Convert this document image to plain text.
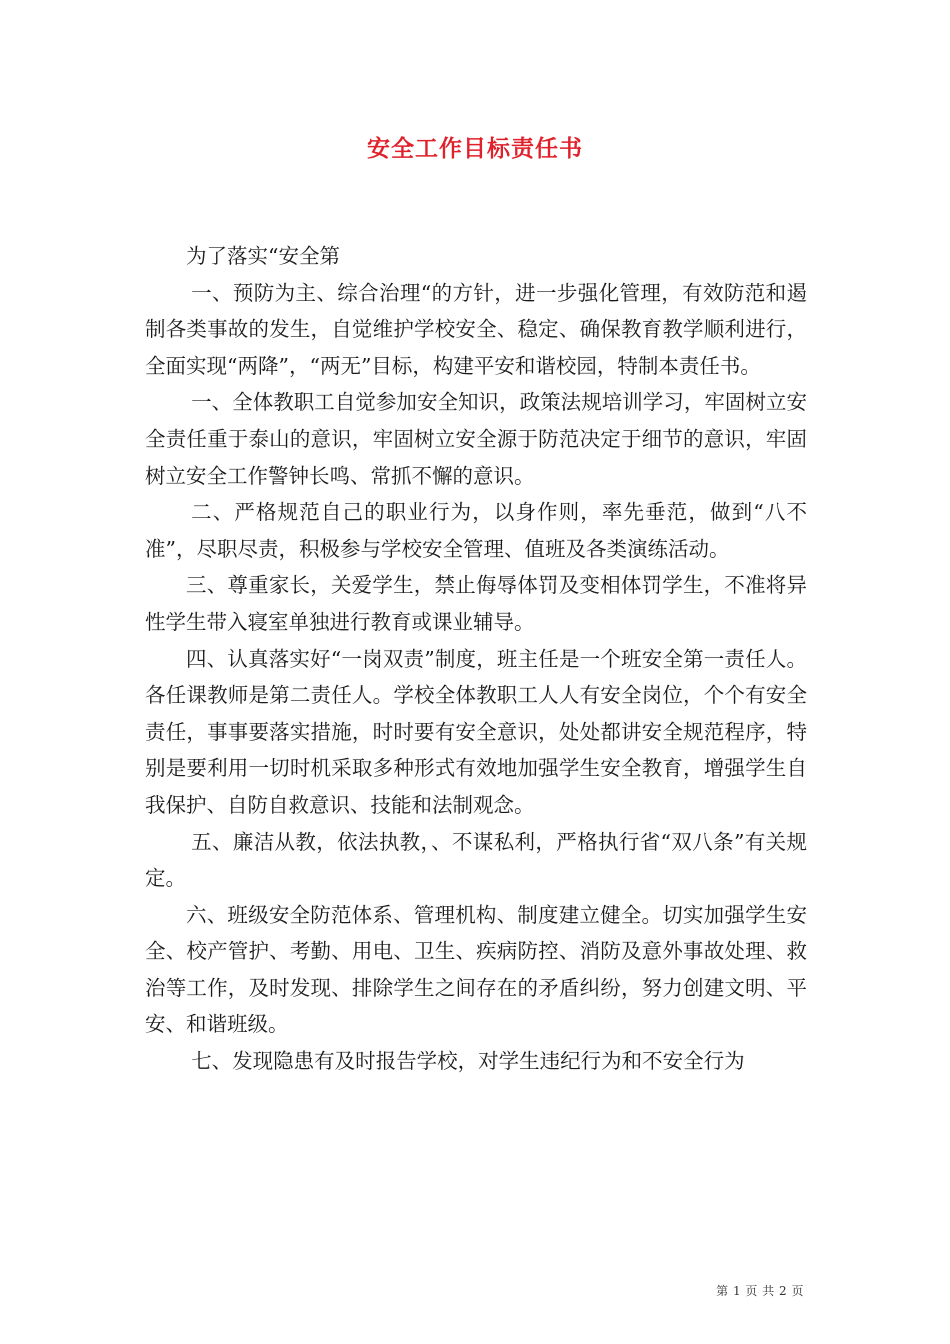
安全工作目标责任书

为了落实“安全第

一、预防为主、综合治理“的方针，进一步强化管理，有效防范和遏制各类事故的发生，自觉维护学校安全、稳定、确保教育教学顺利进行，全面实现“两降”，“两无”目标，构建平安和谐校园，特制本责任书。

一、全体教职工自觉参加安全知识，政策法规培训学习，牢固树立安全责任重于泰山的意识，牢固树立安全源于防范决定于细节的意识，牢固树立安全工作警钟长鸣、常抓不懈的意识。

二、严格规范自己的职业行为，以身作则，率先垂范，做到“八不准”，尽职尽责，积极参与学校安全管理、值班及各类演练活动。

三、尊重家长，关爱学生，禁止侮辱体罚及变相体罚学生，不准将异性学生带入寝室单独进行教育或课业辅导。

四、认真落实好“一岗双责”制度，班主任是一个班安全第一责任人。各任课教师是第二责任人。学校全体教职工人人有安全岗位，个个有安全责任，事事要落实措施，时时要有安全意识，处处都讲安全规范程序，特别是要利用一切时机采取多种形式有效地加强学生安全教育，增强学生自我保护、自防自救意识、技能和法制观念。

五、廉洁从教，依法执教，、不谋私利，严格执行省“双八条”有关规定。

六、班级安全防范体系、管理机构、制度建立健全。切实加强学生安全、校产管护、考勤、用电、卫生、疾病防控、消防及意外事故处理、救治等工作，及时发现、排除学生之间存在的矛盾纠纷，努力创建文明、平安、和谐班级。

七、发现隐患有及时报告学校，对学生违纪行为和不安全行为

第 1 页 共 2 页
